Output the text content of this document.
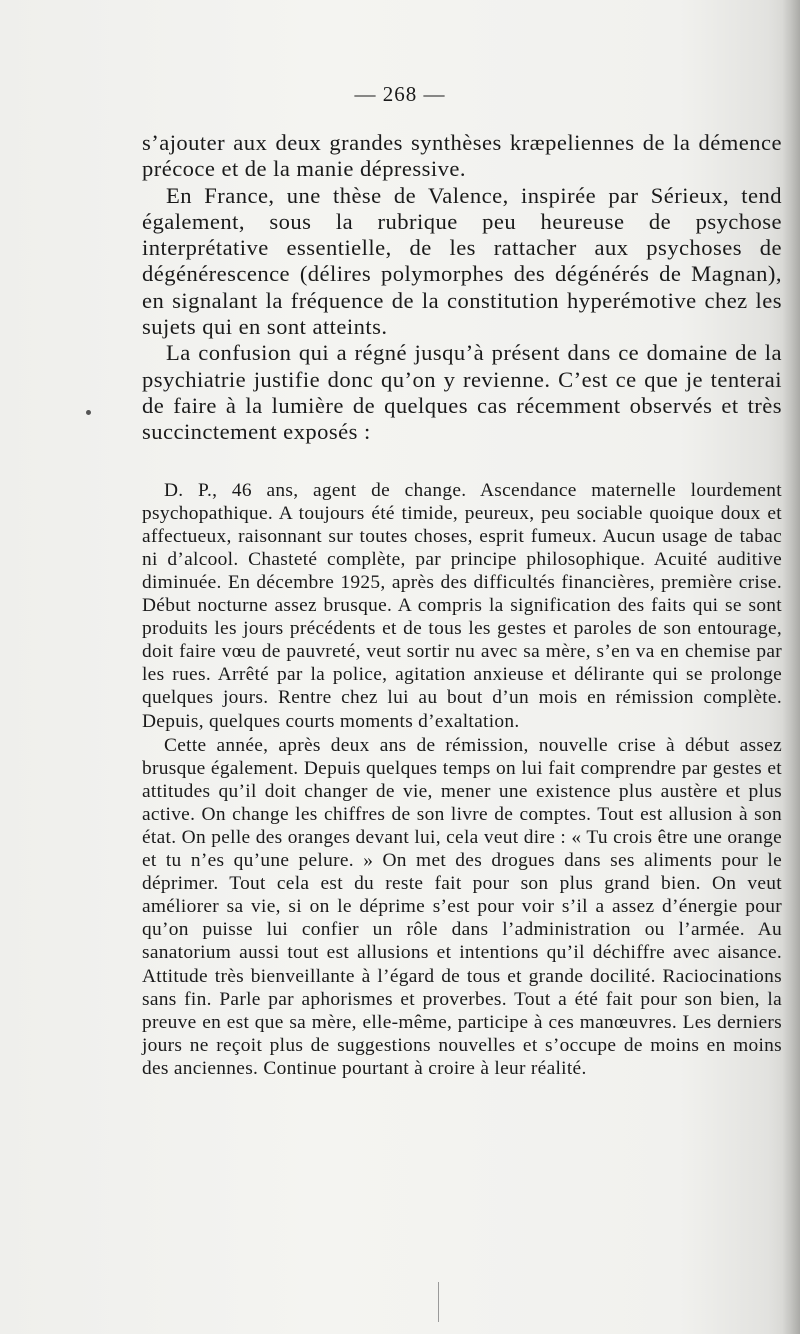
— 268 —

s’ajouter aux deux grandes synthèses kræpeliennes de la démence précoce et de la manie dépressive.

En France, une thèse de Valence, inspirée par Sérieux, tend également, sous la rubrique peu heureuse de psychose interprétative essentielle, de les rattacher aux psychoses de dégénérescence (délires polymorphes des dégénérés de Magnan), en signalant la fréquence de la constitution hyperémotive chez les sujets qui en sont atteints.

La confusion qui a régné jusqu’à présent dans ce domaine de la psychiatrie justifie donc qu’on y revienne. C’est ce que je tenterai de faire à la lumière de quelques cas récemment observés et très succinctement exposés :

D. P., 46 ans, agent de change. Ascendance maternelle lourdement psychopathique. A toujours été timide, peureux, peu sociable quoique doux et affectueux, raisonnant sur toutes choses, esprit fumeux. Aucun usage de tabac ni d’alcool. Chasteté complète, par principe philosophique. Acuité auditive diminuée. En décembre 1925, après des difficultés financières, première crise. Début nocturne assez brusque. A compris la signification des faits qui se sont produits les jours précédents et de tous les gestes et paroles de son entourage, doit faire vœu de pauvreté, veut sortir nu avec sa mère, s’en va en chemise par les rues. Arrêté par la police, agitation anxieuse et délirante qui se prolonge quelques jours. Rentre chez lui au bout d’un mois en rémission complète. Depuis, quelques courts moments d’exaltation.

Cette année, après deux ans de rémission, nouvelle crise à début assez brusque également. Depuis quelques temps on lui fait comprendre par gestes et attitudes qu’il doit changer de vie, mener une existence plus austère et plus active. On change les chiffres de son livre de comptes. Tout est allusion à son état. On pelle des oranges devant lui, cela veut dire : « Tu crois être une orange et tu n’es qu’une pelure. » On met des drogues dans ses aliments pour le déprimer. Tout cela est du reste fait pour son plus grand bien. On veut améliorer sa vie, si on le déprime s’est pour voir s’il a assez d’énergie pour qu’on puisse lui confier un rôle dans l’administration ou l’armée. Au sanatorium aussi tout est allusions et intentions qu’il déchiffre avec aisance. Attitude très bienveillante à l’égard de tous et grande docilité. Raciocinations sans fin. Parle par aphorismes et proverbes. Tout a été fait pour son bien, la preuve en est que sa mère, elle-même, participe à ces manœuvres. Les derniers jours ne reçoit plus de suggestions nouvelles et s’occupe de moins en moins des anciennes. Continue pourtant à croire à leur réalité.
